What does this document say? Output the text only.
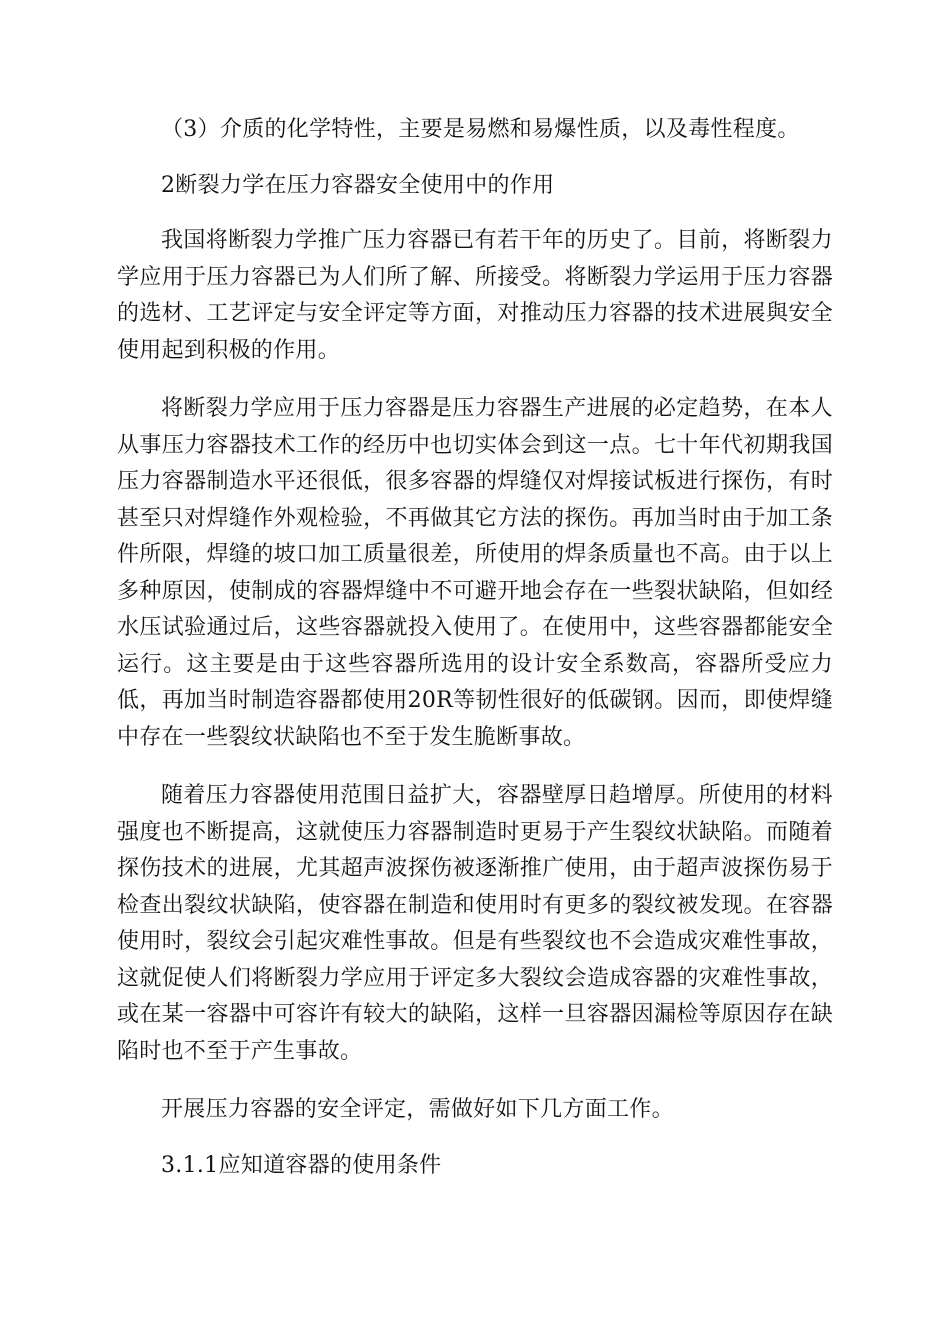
（3）介质的化学特性，主要是易燃和易爆性质，以及毒性程度。

2断裂力学在压力容器安全使用中的作用

我国将断裂力学推广压力容器已有若干年的历史了。目前，将断裂力学应用于压力容器已为人们所了解、所接受。将断裂力学运用于压力容器的选材、工艺评定与安全评定等方面，对推动压力容器的技术进展與安全使用起到积极的作用。

将断裂力学应用于压力容器是压力容器生产进展的必定趋势，在本人从事压力容器技术工作的经历中也切实体会到这一点。七十年代初期我国压力容器制造水平还很低，很多容器的焊缝仅对焊接试板进行探伤，有时甚至只对焊缝作外观检验，不再做其它方法的探伤。再加当时由于加工条件所限，焊缝的坡口加工质量很差，所使用的焊条质量也不高。由于以上多种原因，使制成的容器焊缝中不可避开地会存在一些裂状缺陷，但如经水压试验通过后，这些容器就投入使用了。在使用中，这些容器都能安全运行。这主要是由于这些容器所选用的设计安全系数高，容器所受应力低，再加当时制造容器都使用20R等韧性很好的低碳钢。因而，即使焊缝中存在一些裂纹状缺陷也不至于发生脆断事故。

随着压力容器使用范围日益扩大，容器壁厚日趋增厚。所使用的材料强度也不断提高，这就使压力容器制造时更易于产生裂纹状缺陷。而随着探伤技术的进展，尤其超声波探伤被逐渐推广使用，由于超声波探伤易于检查出裂纹状缺陷，使容器在制造和使用时有更多的裂纹被发现。在容器使用时，裂纹会引起灾难性事故。但是有些裂纹也不会造成灾难性事故，这就促使人们将断裂力学应用于评定多大裂纹会造成容器的灾难性事故，或在某一容器中可容许有较大的缺陷，这样一旦容器因漏检等原因存在缺陷时也不至于产生事故。

开展压力容器的安全评定，需做好如下几方面工作。

3.1.1应知道容器的使用条件
